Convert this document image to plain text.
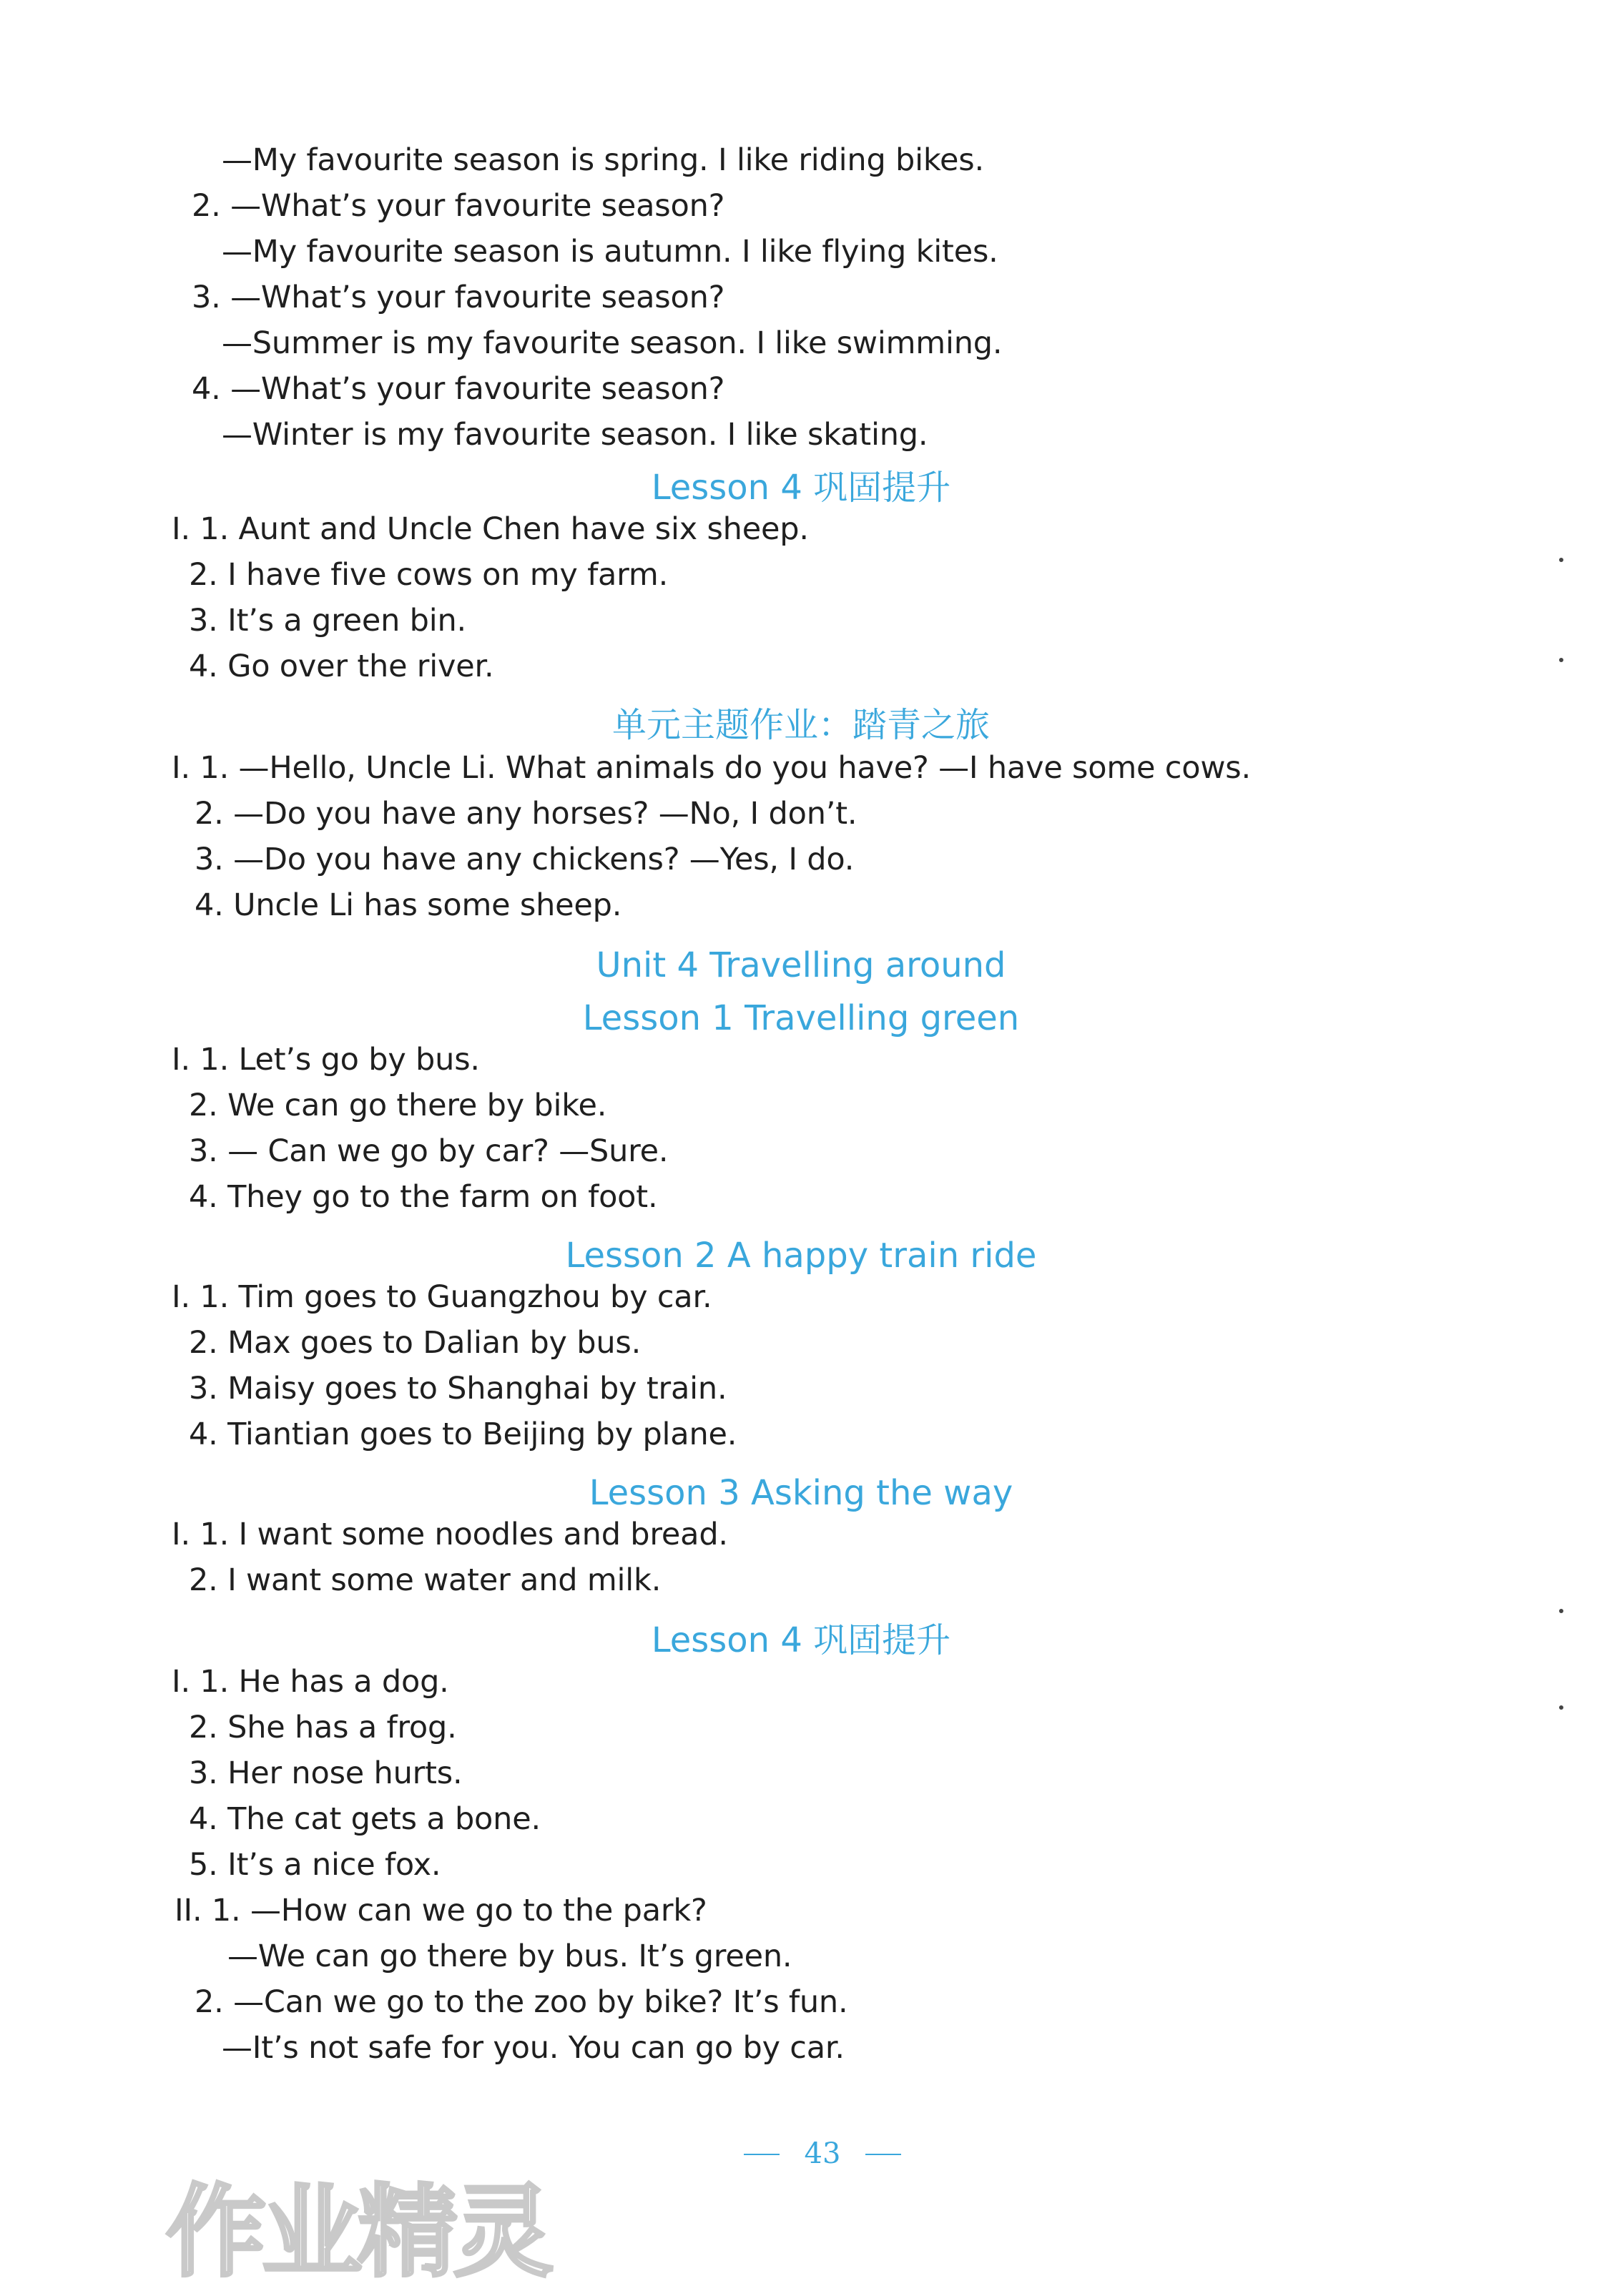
—My favourite season is spring. I like riding bikes.
2. —What’s your favourite season?
—My favourite season is autumn. I like flying kites.
3. —What’s your favourite season?
—Summer is my favourite season. I like swimming.
4. —What’s your favourite season?
—Winter is my favourite season. I like skating.
Lesson 4 巩固提升
I. 1. Aunt and Uncle Chen have six sheep.
2. I have five cows on my farm.
3. It’s a green bin.
4. Go over the river.
单元主题作业：踏青之旅
I. 1. —Hello, Uncle Li. What animals do you have? —I have some cows.
2. —Do you have any horses? —No, I don’t.
3. —Do you have any chickens? —Yes, I do.
4. Uncle Li has some sheep.
Unit 4 Travelling around
Lesson 1 Travelling green
I. 1. Let’s go by bus.
2. We can go there by bike.
3. — Can we go by car? —Sure.
4. They go to the farm on foot.
Lesson 2 A happy train ride
I. 1. Tim goes to Guangzhou by car.
2. Max goes to Dalian by bus.
3. Maisy goes to Shanghai by train.
4. Tiantian goes to Beijing by plane.
Lesson 3 Asking the way
I. 1. I want some noodles and bread.
2. I want some water and milk.
Lesson 4 巩固提升
I. 1. He has a dog.
2. She has a frog.
3. Her nose hurts.
4. The cat gets a bone.
5. It’s a nice fox.
II. 1. —How can we go to the park?
—We can go there by bus. It’s green.
2. —Can we go to the zoo by bike? It’s fun.
—It’s not safe for you. You can go by car.
43
作业精灵
